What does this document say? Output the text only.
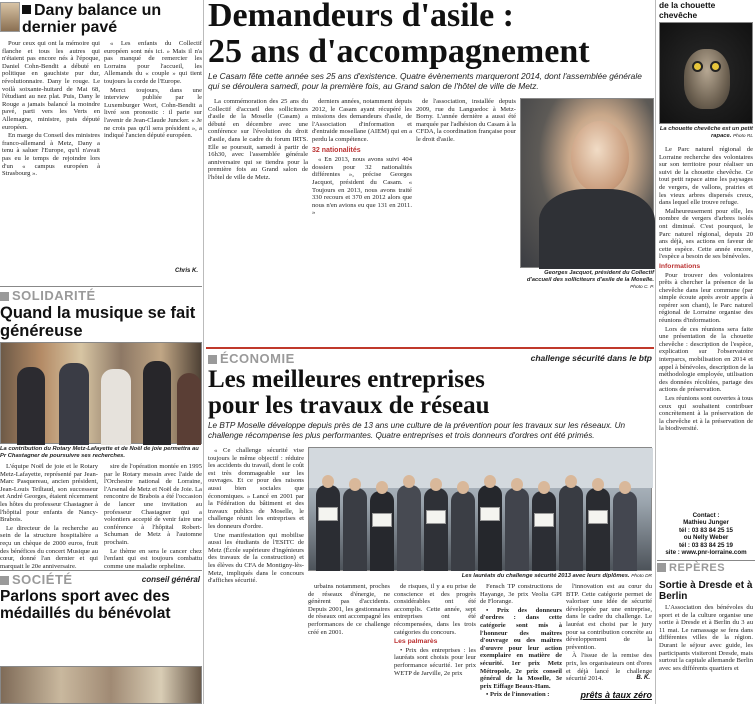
Dany balance un dernier pavé

Pour ceux qui ont la mémoire qui flanche et tous les autres qui n'étaient pas encore nés à l'époque, Daniel Cohn-Bendit a débuté en politique en gauchiste pur dur, révolutionnaire. Dany le rouge. Le voilà soixante-huitard de Mai 68, l'étudiant au nez plat. Puis, Dany le Rouge a jamais balancé la moindre pavé, parti vers les Verts en Allemagne, ministre, puis député européen.

En marge du Conseil des ministres franco-allemand à Metz, Dany a tenu à saluer l'Europe, qu'il n'avait pas eu le temps de rejoindre lors d'un « campus européen à Strasbourg ».

« Les enfants du Collectif européen sont nés ici. » Mais il n'a pas manqué de remercier les Lorrains pour l'accueil, les Allemands du « couple » qui tient toujours la corde de l'Europe.

Merci toujours, dans une interview publiée par le Luxemburger Wort, Cohn-Bendit a livré son pronostic : il parie sur l'avenir de Jean-Claude Juncker. « Je ne crois pas qu'il sera président », a indiqué l'ancien député européen.

Chris K.
Demandeurs d'asile :
25 ans d'accompagnement
Le Casam fête cette année ses 25 ans d'existence. Quatre évènements marqueront 2014, dont l'assemblée générale qui se déroulera samedi, pour la première fois, au Grand salon de l'hôtel de ville de Metz.

La commémoration des 25 ans du Collectif d'accueil des solliciteurs d'asile de la Moselle (Casam) a débuté en décembre avec une conférence sur l'évolution du droit d'asile, dans le cadre du forum IRTS. Elle se poursuit, samedi à partir de 16h30, avec l'assemblée générale anniversaire qui se tiendra pour la première fois au Grand salon de l'hôtel de ville de Metz.

derniers années, notamment depuis 2012, le Casam ayant récupéré les missions des demandeurs d'asile, de l'Association d'information et d'entraide mosellane (AIEM) qui en a perdu la compétence.

32 nationalités

« En 2013, nous avons suivi 404 dossiers pour 32 nationalités différentes », précise Georges Jacquot, président du Casam. « Toujours en 2013, nous avons traité 330 recours et 370 en 2012 alors que nous n'en avions eu que 131 en 2011. »

de l'association, installée depuis 2009, rue du Languedoc à Metz-Borny. L'année dernière a aussi été marquée par l'adhésion du Casam à la CFDA, la coordination française pour le droit d'asile.

Georges Jacquot, président du Collectif d'accueil des solliciteurs d'asile de la Moselle. Photo C. P.
SOLIDARITÉ
Quand la musique se fait généreuse
La contribution du Rotary Metz-Lafayette et de Noël de joie permettra au Pr Chastagner de poursuivre ses recherches.

L'équipe Noël de joie et le Rotary Metz-Lafayette, représenté par Jean-Marc Pasquereau, ancien président, Jean-Louis Teiltaud, son successeur et André Georges, étaient récemment les hôtes du professeur Chastagner à l'hôpital pour enfants de Nancy-Brabois.

Le directeur de la recherche au sein de la structure hospitalière a reçu un chèque de 2000 euros, fruit des bénéfices du concert Musique au cœur, donné l'an dernier et qui marquait le 20e anniversaire.

sire de l'opération montée en 1995 par le Rotary messin avec l'aide de l'Orchestre national de Lorraine, l'Arsenal de Metz et Noël de Joie. La rencontre de Brabois a été l'occasion de lancer une invitation au professeur Chastagner qui a volontiers accepté de venir faire une conférence à l'hôpital Robert-Schuman de Metz à l'automne prochain.

Le thème en sera le cancer chez l'enfant qui est toujours combattu comme une maladie orpheline.

SOCIÉTÉ	conseil général
Parlons sport avec des médaillés du bénévolat
ÉCONOMIE	challenge sécurité dans le btp
Les meilleures entreprises
pour les travaux de réseau
Le BTP Moselle développe depuis près de 13 ans une culture de la prévention pour les travaux sur les réseaux. Un challenge récompense les plus performantes. Quatre entreprises et trois donneurs d'ordres ont été primés.

« Ce challenge sécurité vise toujours le même objectif : réduire les accidents du travail, dont le coût est très dommageable sur les ouvrages. Et ce pour des raisons aussi bien sociales que économiques. » Lancé en 2001 par la Fédération du bâtiment et des travaux publics de Moselle, le challenge réunit les entreprises et les donneurs d'ordre.

Une manifestation qui mobilise aussi les étudiants de l'ESITC de Metz (École supérieure d'ingénieurs des travaux de la construction) et les élèves du CFA de Montigny-lès-Metz, impliqués dans le concours d'affiches sécurité.

Les lauréats du challenge sécurité 2013 avec leurs diplômes. Photo DR

urbains notamment, proches de réseaux d'énergie, ne génèrent pas d'accidents. Depuis 2001, les gestionnaires de réseaux ont accompagné les performances de ce challenge créé en 2001.

de risques, il y a eu prise de conscience et des progrès considérables ont été accomplis. Cette année, sept entreprises ont été récompensées, dans les trois catégories du concours.

Les palmarès

• Prix des entreprises : les lauréats sont choisis pour leur performance sécurité. 1er prix WETP de Jarville, 2e prix

Fensch TP constructions de Hayange, 3e prix Veolia GPI de Florange.

• Prix des donneurs d'ordres : dans cette catégorie sont mis à l'honneur des maîtres d'ouvrage ou des maîtres d'œuvre pour leur action exemplaire en matière de sécurité. 1er prix Metz Métropole, 2e prix conseil général de la Moselle, 3e prix Eiffage Beaux-Ham.

• Prix de l'innovation :

l'innovation est au cœur du BTP. Cette catégorie permet de valoriser une idée de sécurité développée par une entreprise, dans le cadre du challenge. Le lauréat est choisi par le jury pour sa contribution concrète au développement de la prévention.

À l'issue de la remise des prix, les organisateurs ont d'ores et déjà lancé le challenge sécurité 2014.	B. K.
prêts à taux zéro
de la chouette chevêche
La chouette chevêche est un petit rapace. Photo RL

Le Parc naturel régional de Lorraine recherche des volontaires sur son territoire pour réaliser un suivi de la chouette chevêche. Ce tout petit rapace aime les paysages de vergers, de vallons, prairies et les vieux arbres dispersés creux, dans lequel elle trouve refuge.

Malheureusement pour elle, les nombre de vergers d'arbres isolés ont diminué. C'est pourquoi, le Parc naturel régional, depuis 20 ans déjà, ses actions en faveur de cette espèce. Cette année encore, l'espèce a besoin de ses bénévoles.

Informations

Pour trouver des volontaires prêts à chercher la présence de la chevêche dans leur commune (par simple écoute après avoir appris à repérer son chant), le Parc naturel régional de Lorraine organise des réunions d'information.

Lors de ces réunions sera faite une présentation de la chouette chevêche : description de l'espèce, explication sur l'observatoire interparcs, mobilisation en 2014 et appel à bénévoles, description de la méthodologie employée, utilisation des données récoltées, partage des actions de préservation.

Les réunions sont ouvertes à tous ceux qui souhaitent contribuer concrètement à la préservation de la chevêche et à la préservation de la biodiversité.

Contact :
Mathieu Junger
tél : 03 83 84 25 15
ou Nelly Weber
tél : 03 83 84 25 19
site : www.pnr-lorraine.com
REPÈRES
Sortie à Dresde et à Berlin

L'Association des bénévoles du sport et de la culture organise une sortie à Dresde et à Berlin du 3 au 11 mai. Le ramassage se fera dans différentes villes de la région. Durant le séjour avec guide, les participants visiteront Dresde, mais surtout la capitale allemande Berlin avec ses différents quartiers et
